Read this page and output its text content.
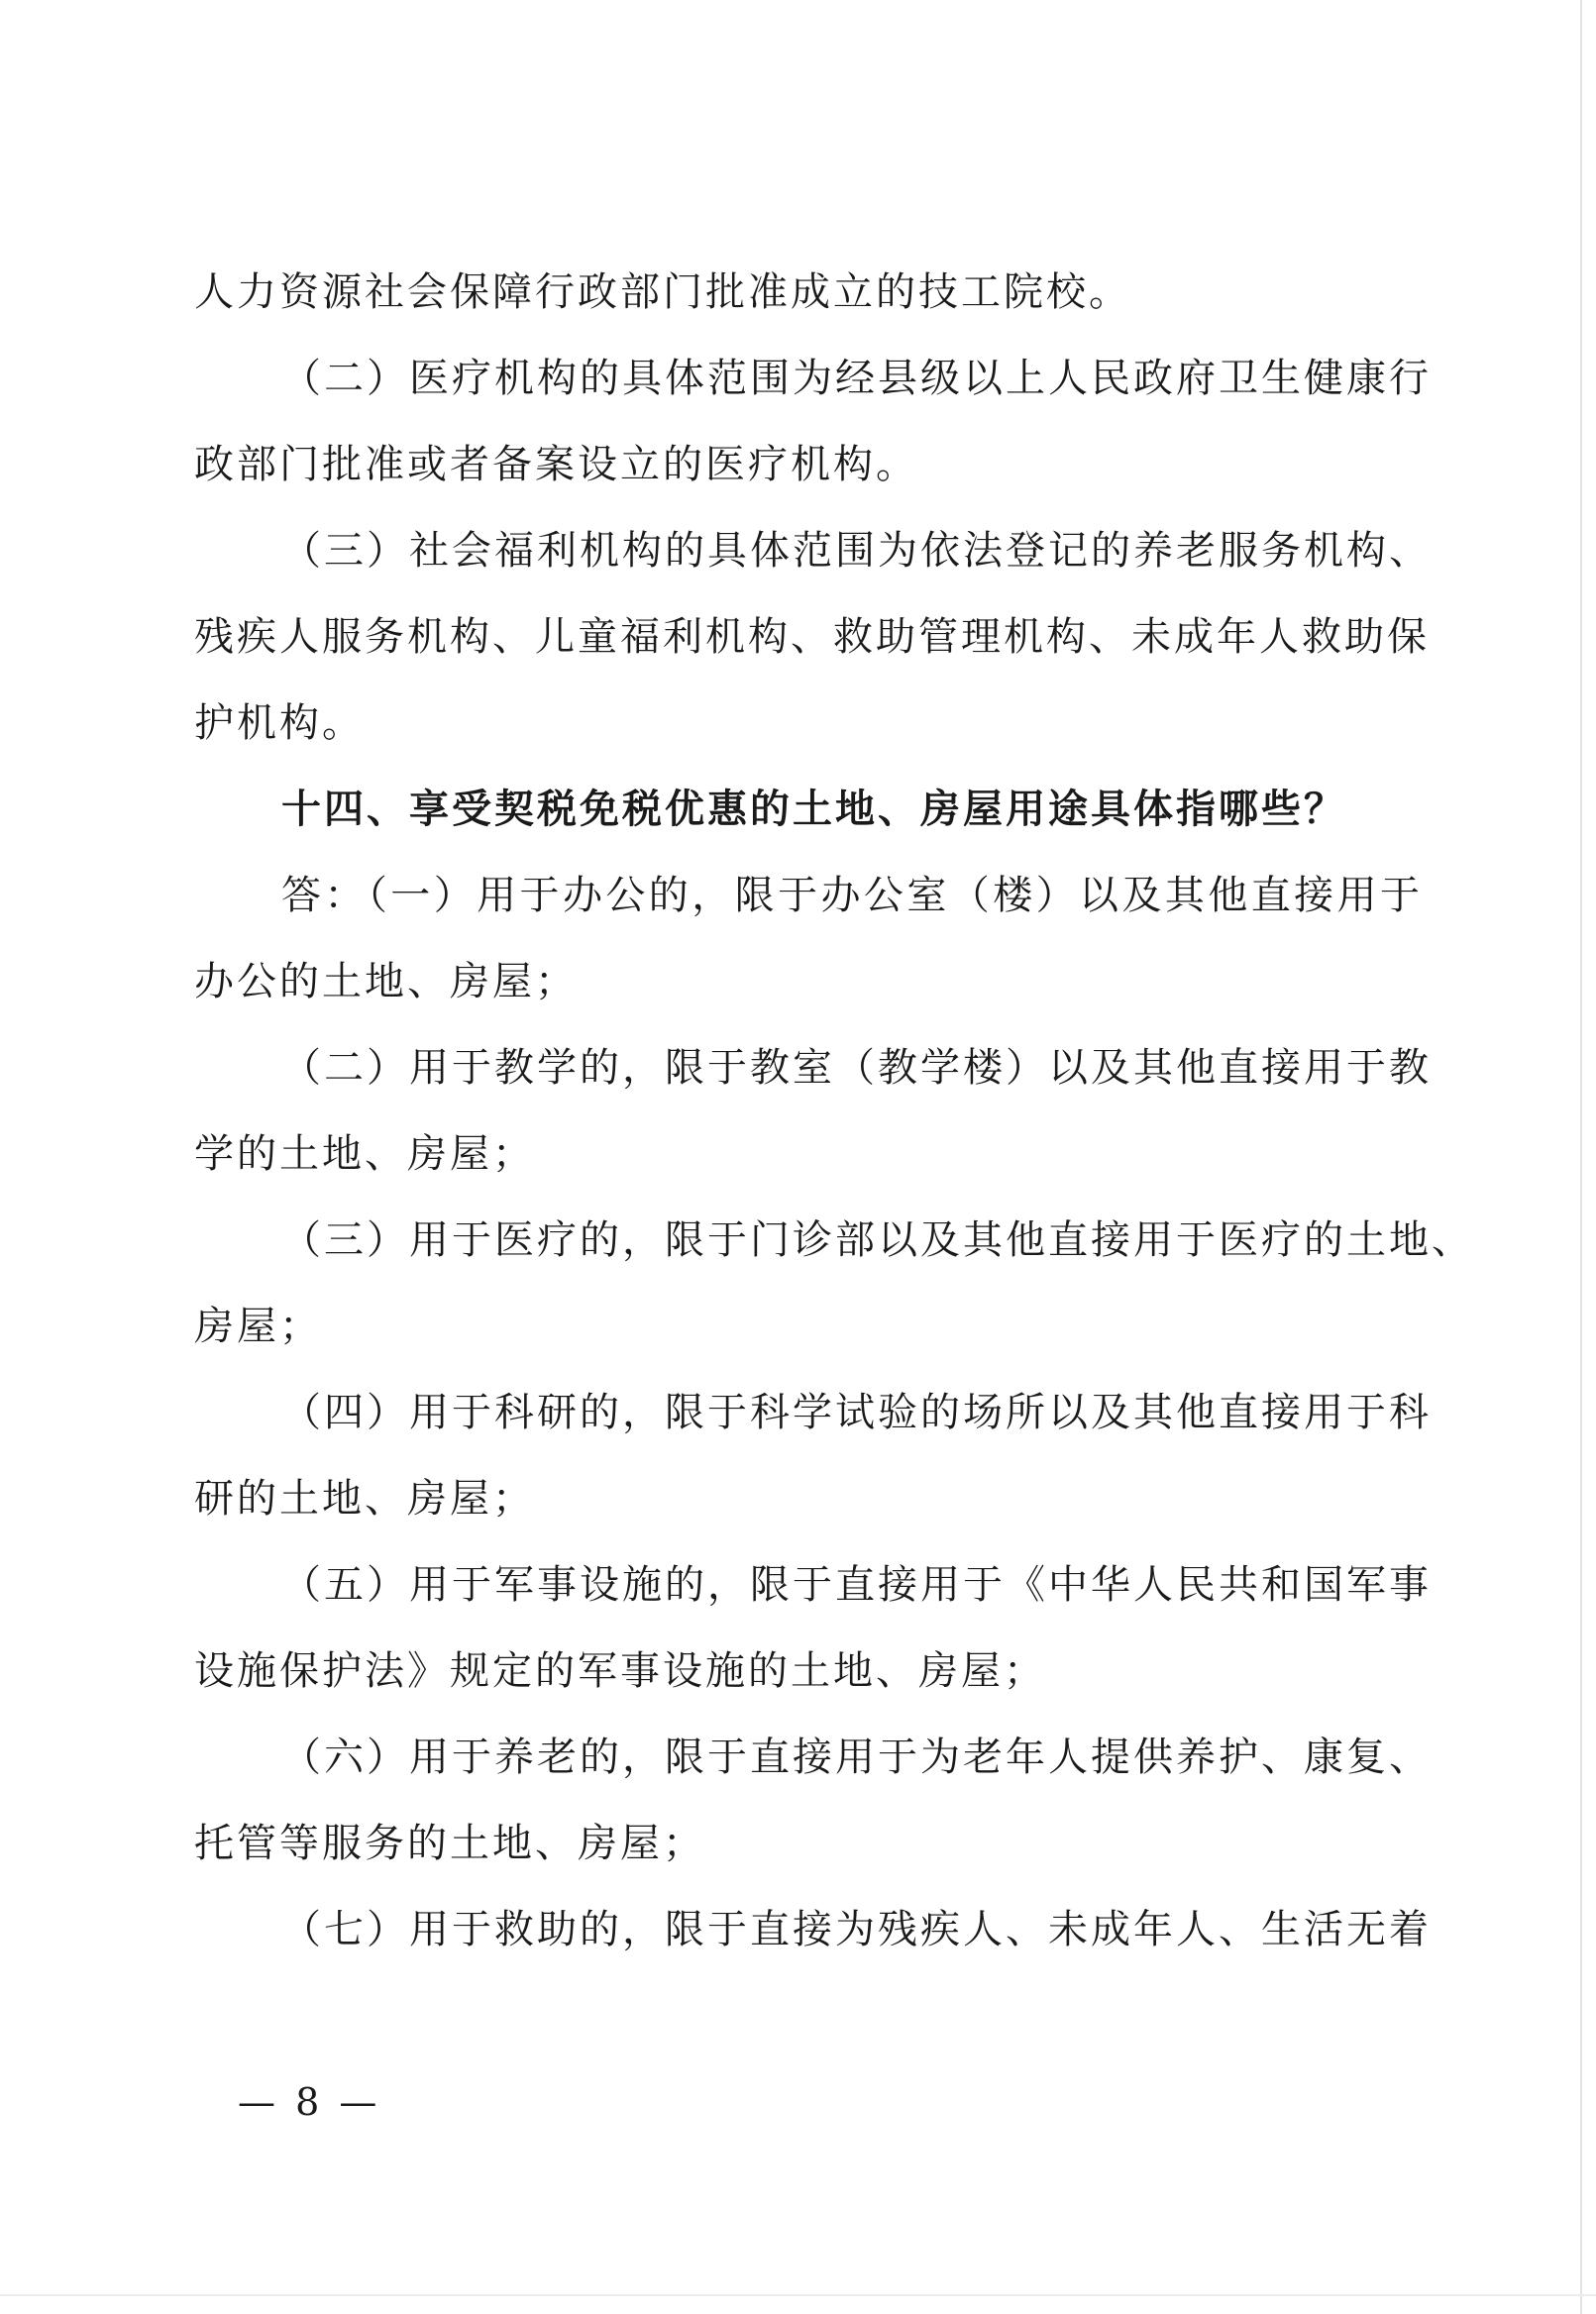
人力资源社会保障行政部门批准成立的技工院校。
（二）医疗机构的具体范围为经县级以上人民政府卫生健康行
政部门批准或者备案设立的医疗机构。
（三）社会福利机构的具体范围为依法登记的养老服务机构、
残疾人服务机构、儿童福利机构、救助管理机构、未成年人救助保
护机构。
十四、享受契税免税优惠的土地、房屋用途具体指哪些？
答：（一）用于办公的，限于办公室（楼）以及其他直接用于
办公的土地、房屋；
（二）用于教学的，限于教室（教学楼）以及其他直接用于教
学的土地、房屋；
（三）用于医疗的，限于门诊部以及其他直接用于医疗的土地、
房屋；
（四）用于科研的，限于科学试验的场所以及其他直接用于科
研的土地、房屋；
（五）用于军事设施的，限于直接用于《中华人民共和国军事
设施保护法》规定的军事设施的土地、房屋；
（六）用于养老的，限于直接用于为老年人提供养护、康复、
托管等服务的土地、房屋；
（七）用于救助的，限于直接为残疾人、未成年人、生活无着
— 8 —
